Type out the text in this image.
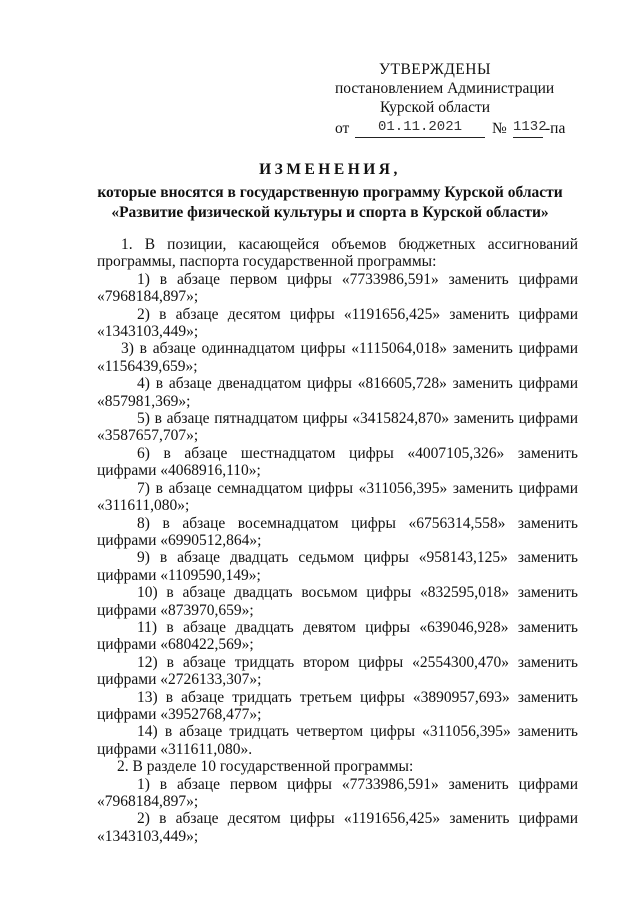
УТВЕРЖДЕНЫ
постановлением Администрации
Курской области
от	01.11.2021	№ 1132
-па
ИЗМЕНЕНИЯ,
которые вносятся в государственную программу Курской области
«Развитие физической культуры и спорта в Курской области»

1. В позиции, касающейся объемов бюджетных ассигнований программы, паспорта государственной программы:

1) в абзаце первом цифры «7733986,591» заменить цифрами «7968184,897»;

2) в абзаце десятом цифры «1191656,425» заменить цифрами «1343103,449»;

3) в абзаце одиннадцатом цифры «1115064,018» заменить цифрами «1156439,659»;

4) в абзаце двенадцатом цифры «816605,728» заменить цифрами «857981,369»;

5) в абзаце пятнадцатом цифры «3415824,870» заменить цифрами «3587657,707»;

6) в абзаце шестнадцатом цифры «4007105,326» заменить цифрами «4068916,110»;

7) в абзаце семнадцатом цифры «311056,395» заменить цифрами «311611,080»;

8) в абзаце восемнадцатом цифры «6756314,558» заменить цифрами «6990512,864»;

9) в абзаце двадцать седьмом цифры «958143,125» заменить цифрами «1109590,149»;

10) в абзаце двадцать восьмом цифры «832595,018» заменить цифрами «873970,659»;

11) в абзаце двадцать девятом цифры «639046,928» заменить цифрами «680422,569»;

12) в абзаце тридцать втором цифры «2554300,470» заменить цифрами «2726133,307»;

13) в абзаце тридцать третьем цифры «3890957,693» заменить цифрами «3952768,477»;

14) в абзаце тридцать четвертом цифры «311056,395» заменить цифрами «311611,080».

2. В разделе 10 государственной программы:

1) в абзаце первом цифры «7733986,591» заменить цифрами «7968184,897»;

2) в абзаце десятом цифры «1191656,425» заменить цифрами «1343103,449»;
